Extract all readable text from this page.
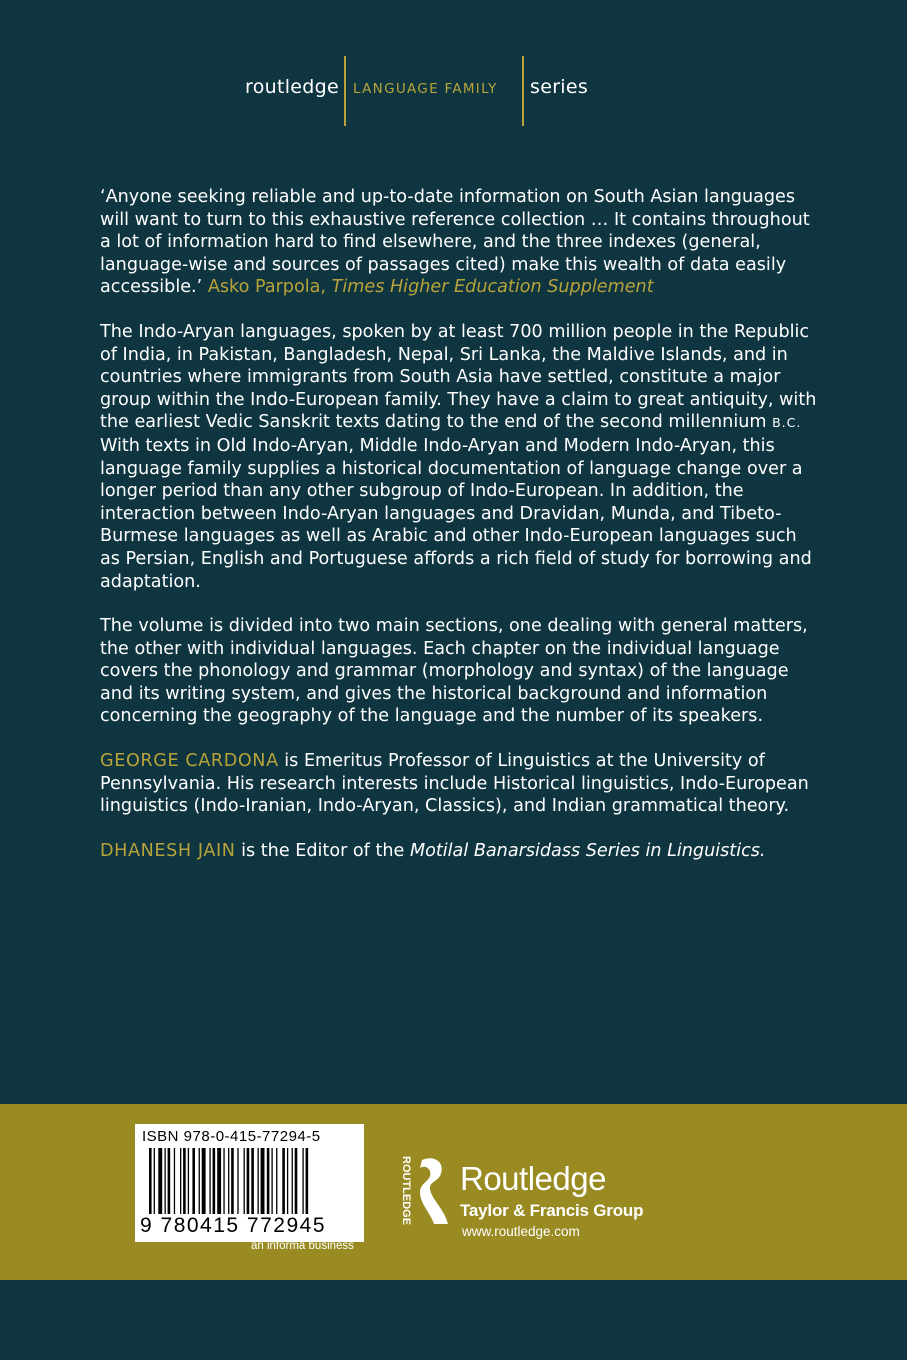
routledge LANGUAGE FAMILY series

‘Anyone seeking reliable and up-to-date information on South Asian languages will want to turn to this exhaustive reference collection … It contains throughout a lot of information hard to find elsewhere, and the three indexes (general, language-wise and sources of passages cited) make this wealth of data easily accessible.’ Asko Parpola, Times Higher Education Supplement

The Indo-Aryan languages, spoken by at least 700 million people in the Republic of India, in Pakistan, Bangladesh, Nepal, Sri Lanka, the Maldive Islands, and in countries where immigrants from South Asia have settled, constitute a major group within the Indo-European family. They have a claim to great antiquity, with the earliest Vedic Sanskrit texts dating to the end of the second millennium B.C. With texts in Old Indo-Aryan, Middle Indo-Aryan and Modern Indo-Aryan, this language family supplies a historical documentation of language change over a longer period than any other subgroup of Indo-European. In addition, the interaction between Indo-Aryan languages and Dravidan, Munda, and Tibeto-Burmese languages as well as Arabic and other Indo-European languages such as Persian, English and Portuguese affords a rich field of study for borrowing and adaptation.

The volume is divided into two main sections, one dealing with general matters, the other with individual languages. Each chapter on the individual language covers the phonology and grammar (morphology and syntax) of the language and its writing system, and gives the historical background and information concerning the geography of the language and the number of its speakers.

GEORGE CARDONA is Emeritus Professor of Linguistics at the University of Pennsylvania. His research interests include Historical linguistics, Indo-European linguistics (Indo-Iranian, Indo-Aryan, Classics), and Indian grammatical theory.

DHANESH JAIN is the Editor of the Motilal Banarsidass Series in Linguistics.

ISBN 978-0-415-77294-5
9 780415 772945
an informa business
ROUTLEDGE Routledge
Taylor & Francis Group
www.routledge.com
